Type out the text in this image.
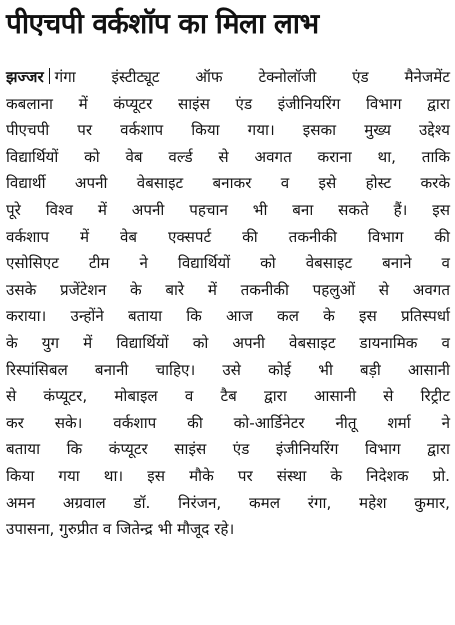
पीएचपी वर्कशॉप का मिला लाभ
झज्जर गंगा इंस्टीट्यूट ऑफ टेक्नोलॉजी एंड मैनेजमेंट
कबलाना में कंप्यूटर साइंस एंड इंजीनियरिंग विभाग द्वारा
पीएचपी पर वर्कशाप किया गया। इसका मुख्य उद्देश्य
विद्यार्थियों को वेब वर्ल्ड से अवगत कराना था, ताकि
विद्यार्थी अपनी वेबसाइट बनाकर व इसे होस्ट करके
पूरे विश्व में अपनी पहचान भी बना सकते हैं। इस
वर्कशाप में वेब एक्सपर्ट की तकनीकी विभाग की
एसोसिएट टीम ने विद्यार्थियों को वेबसाइट बनाने व
उसके प्रजेंटेशन के बारे में तकनीकी पहलुओं से अवगत
कराया। उन्होंने बताया कि आज कल के इस प्रतिस्पर्धा
के युग में विद्यार्थियों को अपनी वेबसाइट डायनामिक व
रिस्पांसिबल बनानी चाहिए। उसे कोई भी बड़ी आसानी
से कंप्यूटर, मोबाइल व टैब द्वारा आसानी से रिट्रीट
कर सके। वर्कशाप की को-आर्डिनेटर नीतू शर्मा ने
बताया कि कंप्यूटर साइंस एंड इंजीनियरिंग विभाग द्वारा
किया गया था। इस मौके पर संस्था के निदेशक प्रो.
अमन अग्रवाल डॉ. निरंजन, कमल रंगा, महेश कुमार,
उपासना, गुरुप्रीत व जितेन्द्र भी मौजूद रहे।
